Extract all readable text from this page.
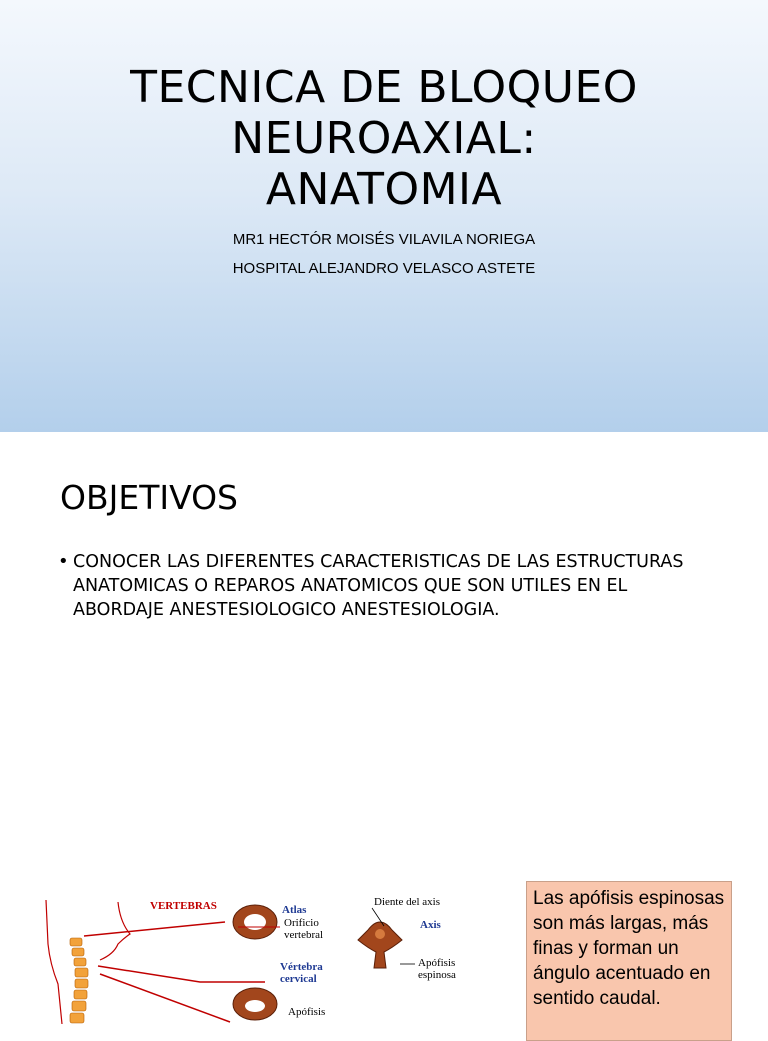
TECNICA DE BLOQUEO
NEUROAXIAL:
ANATOMIA
MR1 HECTÓR MOISÉS VILAVILA NORIEGA
HOSPITAL ALEJANDRO VELASCO ASTETE
OBJETIVOS
• CONOCER LAS DIFERENTES CARACTERISTICAS DE LAS ESTRUCTURAS ANATOMICAS O REPAROS ANATOMICOS QUE SON UTILES EN EL ABORDAJE ANESTESIOLOGICO ANESTESIOLOGIA.
VERTEBRAS	Atlas
Orificio
vertebral
Diente del axis
Axis
Vértebra
cervical
Apófisis
espinosa
Apófisis
Las apófisis espinosas son más largas, más finas y forman un ángulo acentuado en sentido caudal.
